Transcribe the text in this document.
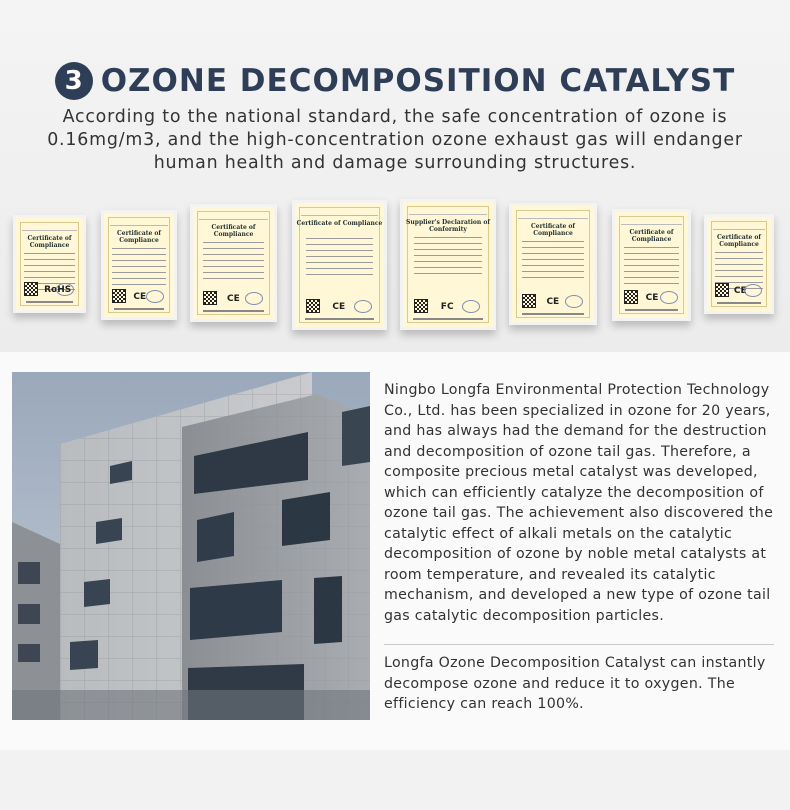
3 OZONE DECOMPOSITION CATALYST
According to the national standard, the safe concentration of ozone is 0.16mg/m3, and the high-concentration ozone exhaust gas will endanger human health and damage surrounding structures.
Certificate of Compliance
RoHS
Certificate of Compliance
CE
Certificate of Compliance
CE
Certificate of Compliance
CE
Supplier's Declaration of Conformity
FC
Certificate of Compliance
CE
Certificate of Compliance
CE
Certificate of Compliance
CE
Ningbo Longfa Environmental Protection Technology Co., Ltd. has been specialized in ozone for 20 years, and has always had the demand for the destruction and decomposition of ozone tail gas. Therefore, a composite precious metal catalyst was developed, which can efficiently catalyze the decomposition of ozone tail gas. The achievement also discovered the catalytic effect of alkali metals on the catalytic decomposition of ozone by noble metal catalysts at room temperature, and revealed its catalytic mechanism, and developed a new type of ozone tail gas catalytic decomposition particles.
Longfa Ozone Decomposition Catalyst can instantly decompose ozone and reduce it to oxygen. The efficiency can reach 100%.
